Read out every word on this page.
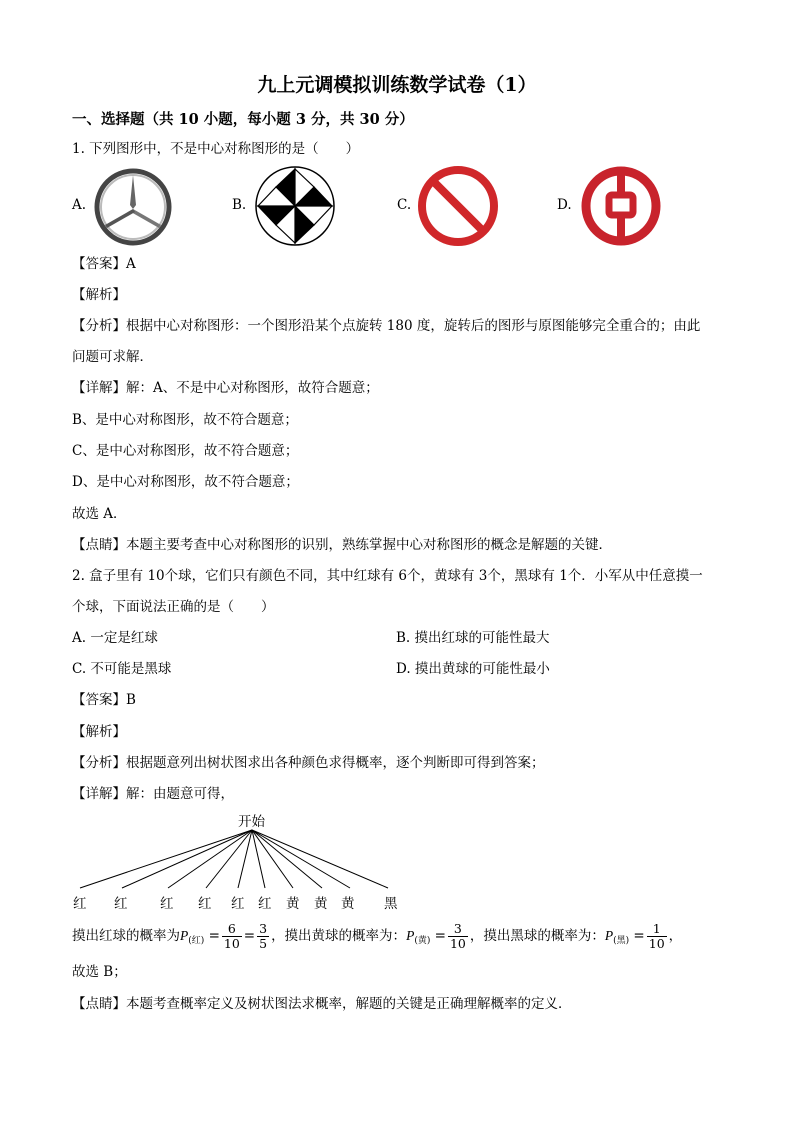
九上元调模拟训练数学试卷（1）
一、选择题（共 10 小题，每小题 3 分，共 30 分）
1. 下列图形中，不是中心对称图形的是（　　）
A.	B.	C.	D.
【答案】A
【解析】
【分析】根据中心对称图形：一个图形沿某个点旋转 180 度，旋转后的图形与原图能够完全重合的；由此
问题可求解．
【详解】解：A、不是中心对称图形，故符合题意；
B、是中心对称图形，故不符合题意；
C、是中心对称图形，故不符合题意；
D、是中心对称图形，故不符合题意；
故选 A．
【点睛】本题主要考查中心对称图形的识别，熟练掌握中心对称图形的概念是解题的关键．
2. 盒子里有 10个球，它们只有颜色不同，其中红球有 6个，黄球有 3个，黑球有 1个．小军从中任意摸一
个球，下面说法正确的是（　　）
A. 一定是红球	B. 摸出红球的可能性最大
C. 不可能是黑球	D. 摸出黄球的可能性最小
【答案】B
【解析】
【分析】根据题意列出树状图求出各种颜色求得概率，逐个判断即可得到答案；
【详解】解：由题意可得，
开始
红 红 红 红 红 红 黄 黄 黄 黑
摸出红球的概率为$P_{(红)} = \frac{6}{10} = \frac{3}{5}$ ，摸出黄球的概率为：$P_{(黄)} = \frac{3}{10}$ ，摸出黑球的概率为：$P_{(黑)} = \frac{1}{10}$ ，
故选 B；
【点睛】本题考查概率定义及树状图法求概率，解题的关键是正确理解概率的定义．
